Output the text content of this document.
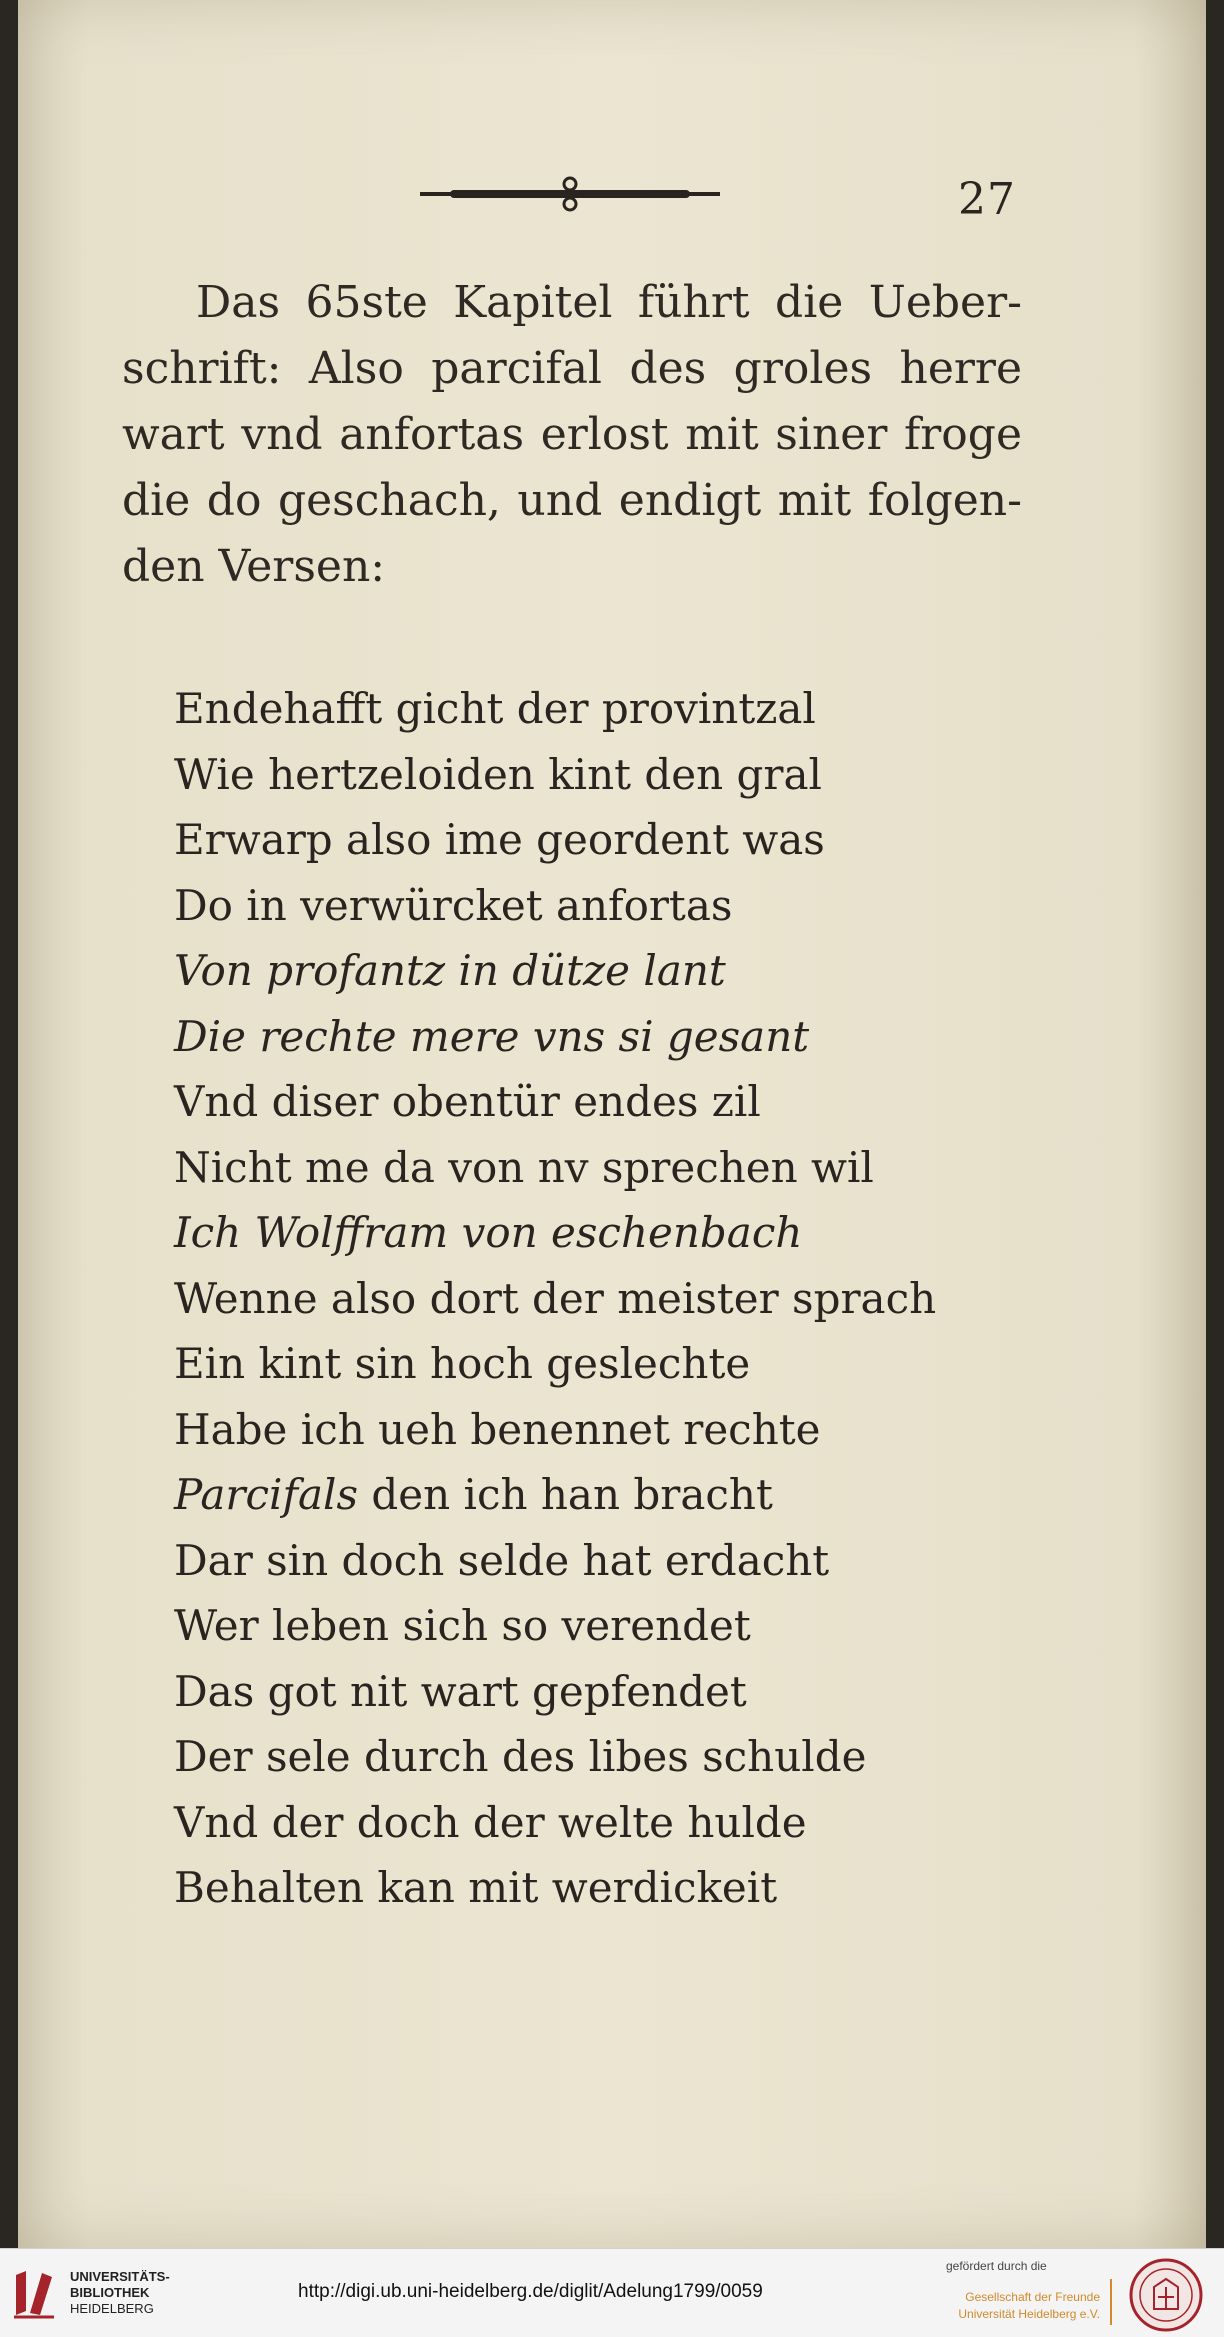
27
Das 65ste Kapitel führt die Ueber-
schrift: Also parcifal des groles herre
wart vnd anfortas erlost mit siner froge
die do geschach, und endigt mit folgen-
den Versen:
Endehafft gicht der provintzal
Wie hertzeloiden kint den gral
Erwarp also ime geordent was
Do in verwürcket anfortas
Von profantz in dütze lant
Die rechte mere vns si gesant
Vnd diser obentür endes zil
Nicht me da von nv sprechen wil
Ich Wolffram von eschenbach
Wenne also dort der meister sprach
Ein kint sin hoch geslechte
Habe ich ueh benennet rechte
Parcifals den ich han bracht
Dar sin doch selde hat erdacht
Wer leben sich so verendet
Das got nit wart gepfendet
Der sele durch des libes schulde
Vnd der doch der welte hulde
Behalten kan mit werdickeit
UNIVERSITÄTS-
BIBLIOTHEK
HEIDELBERG
http://digi.ub.uni-heidelberg.de/diglit/Adelung1799/0059
gefördert durch die
Gesellschaft der Freunde
Universität Heidelberg e.V.
